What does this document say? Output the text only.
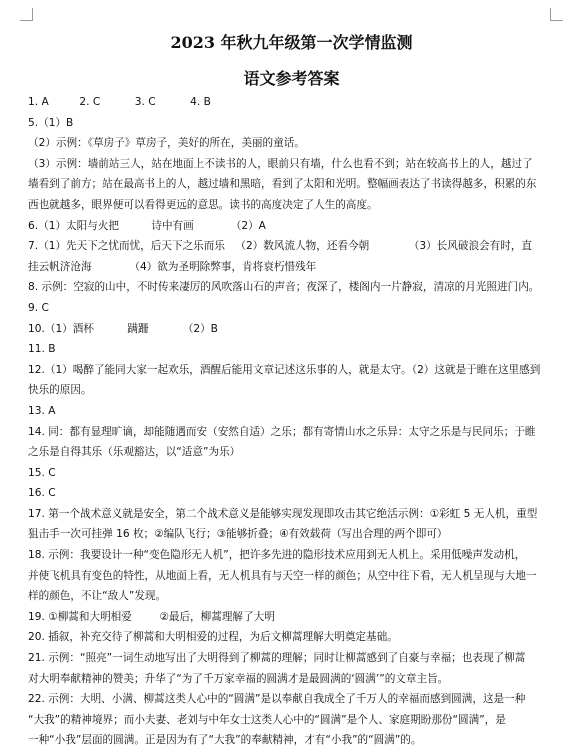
2023 年秋九年级第一次学情监测
语文参考答案
1. A	2. C	3. C	4. B
5.（1）B
（2）示例：《草房子》草房子，美好的所在，美丽的童话。
（3）示例：墙前站三人，站在地面上不读书的人，眼前只有墙，什么也看不到；站在较高书上的人，越过了
墙看到了前方；站在最高书上的人，越过墙和黑暗，看到了太阳和光明。整幅画表达了书读得越多，积累的东
西也就越多，眼界便可以看得更远的意思。读书的高度决定了人生的高度。
6.（1）太阳与火把	诗中有画	（2）A
7.（1）先天下之忧而忧，后天下之乐而乐 （2）数风流人物，还看今朝	（3）长风破浪会有时，直
挂云帆济沧海	（4）欲为圣明除弊事，肯将衰朽惜残年
8. 示例：空寂的山中，不时传来凄厉的风吹落山石的声音；夜深了，楼阁内一片静寂，清凉的月光照进门内。
9. C
10.（1）酒杯	蹒跚	（2）B
11. B
12.（1）喝醉了能同大家一起欢乐，酒醒后能用文章记述这乐事的人，就是太守。（2）这就是于睢在这里感到
快乐的原因。
13. A
14. 同：都有显理旷谪，却能随遇而安（安然自适）之乐；都有寄情山水之乐异：太守之乐是与民同乐；于睢
之乐是自得其乐（乐观豁达，以“适意”为乐）
15. C
16. C
17. 第一个战术意义就是安全，第二个战术意义是能够实现发现即攻击其它绝活示例：①彩虹 5 无人机，重型
狙击手一次可挂弹 16 枚；②编队飞行；③能够折叠；④有效载荷（写出合理的两个即可）
18. 示例：我要设计一种“变色隐形无人机”，把许多先进的隐形技术应用到无人机上。采用低噪声发动机，
并使飞机具有变色的特性，从地面上看，无人机具有与天空一样的颜色；从空中往下看，无人机呈现与大地一
样的颜色，不让“敌人”发现。
19. ①柳蒿和大明相爱	②最后，柳蒿理解了大明
20. 插叙，补充交待了柳蒿和大明相爱的过程，为后文柳蒿理解大明奠定基础。
21. 示例：“照亮”一词生动地写出了大明得到了柳蒿的理解；同时让柳蒿感到了自豪与幸福；也表现了柳蒿
对大明奉献精神的赞美；升华了“为了千万家幸福的圆满才是最圆满的‘圆满’”的文章主旨。
22. 示例：大明、小满、柳蒿这类人心中的“圆满”是以奉献自我成全了千万人的幸福而感到圆满，这是一种
“大我”的精神境界；而小夫妻、老刘与中年女士这类人心中的“圆满”是个人、家庭期盼那份“圆满”，是
一种“小我”层面的圆满。正是因为有了“大我”的奉献精神，才有“小我”的“圆满”的。
